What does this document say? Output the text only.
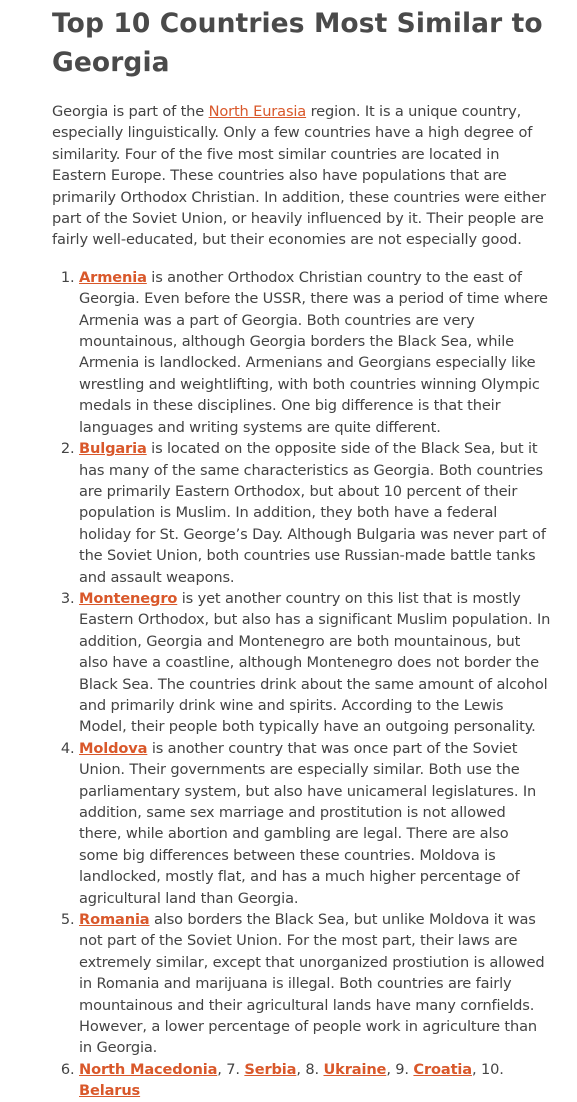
Top 10 Countries Most Similar to Georgia

Georgia is part of the North Eurasia region. It is a unique country, especially linguistically. Only a few countries have a high degree of similarity. Four of the five most similar countries are located in Eastern Europe. These countries also have populations that are primarily Orthodox Christian. In addition, these countries were either part of the Soviet Union, or heavily influenced by it. Their people are fairly well-educated, but their economies are not especially good.

1. Armenia is another Orthodox Christian country to the east of Georgia. Even before the USSR, there was a period of time where Armenia was a part of Georgia. Both countries are very mountainous, although Georgia borders the Black Sea, while Armenia is landlocked. Armenians and Georgians especially like wrestling and weightlifting, with both countries winning Olympic medals in these disciplines. One big difference is that their languages and writing systems are quite different.
2. Bulgaria is located on the opposite side of the Black Sea, but it has many of the same characteristics as Georgia. Both countries are primarily Eastern Orthodox, but about 10 percent of their population is Muslim. In addition, they both have a federal holiday for St. George’s Day. Although Bulgaria was never part of the Soviet Union, both countries use Russian-made battle tanks and assault weapons.
3. Montenegro is yet another country on this list that is mostly Eastern Orthodox, but also has a significant Muslim population. In addition, Georgia and Montenegro are both mountainous, but also have a coastline, although Montenegro does not border the Black Sea. The countries drink about the same amount of alcohol and primarily drink wine and spirits. According to the Lewis Model, their people both typically have an outgoing personality.
4. Moldova is another country that was once part of the Soviet Union. Their governments are especially similar. Both use the parliamentary system, but also have unicameral legislatures. In addition, same sex marriage and prostitution is not allowed there, while abortion and gambling are legal. There are also some big differences between these countries. Moldova is landlocked, mostly flat, and has a much higher percentage of agricultural land than Georgia.
5. Romania also borders the Black Sea, but unlike Moldova it was not part of the Soviet Union. For the most part, their laws are extremely similar, except that unorganized prostiution is allowed in Romania and marijuana is illegal. Both countries are fairly mountainous and their agricultural lands have many cornfields. However, a lower percentage of people work in agriculture than in Georgia.
6. North Macedonia, 7. Serbia, 8. Ukraine, 9. Croatia, 10. Belarus
